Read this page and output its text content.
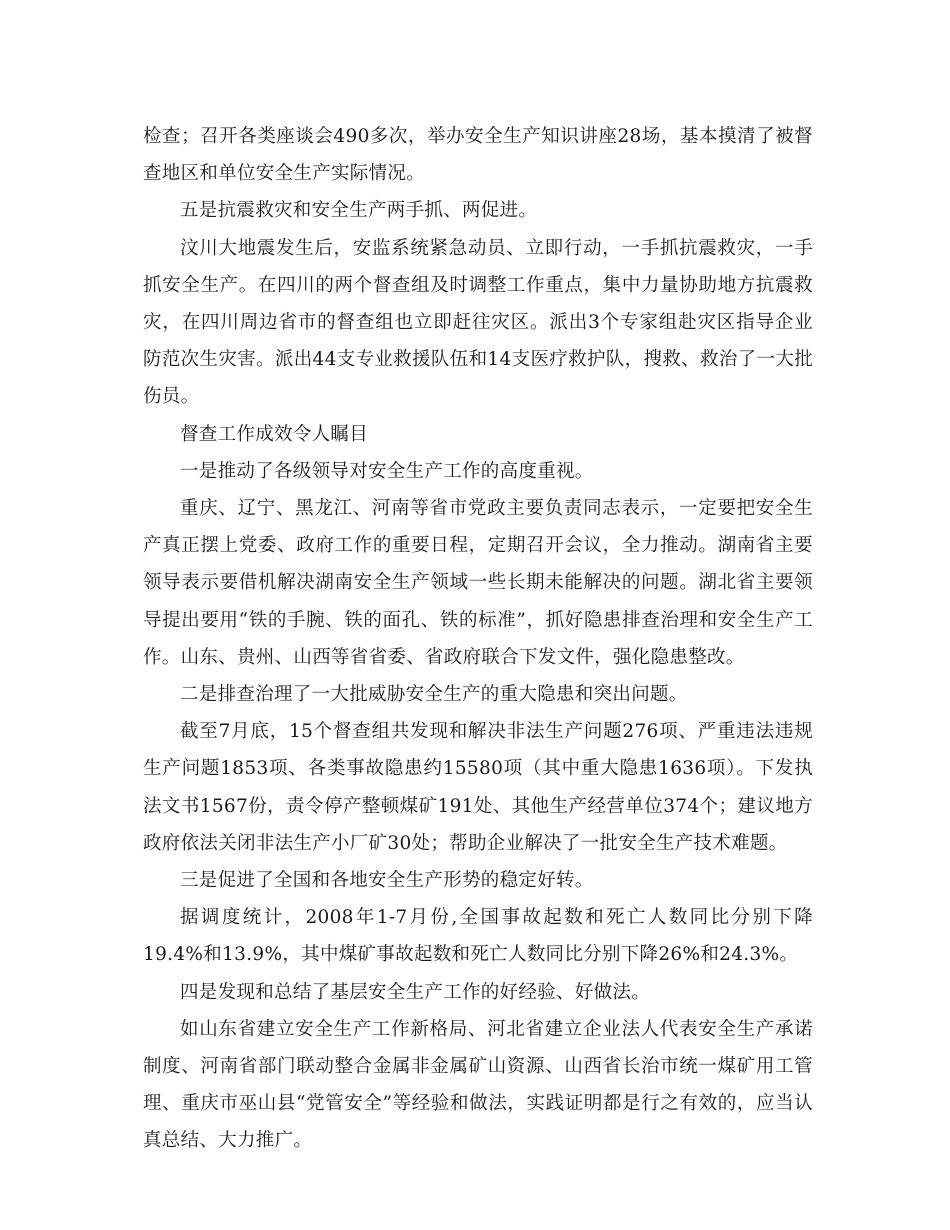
检查；召开各类座谈会490多次，举办安全生产知识讲座28场，基本摸清了被督查地区和单位安全生产实际情况。

五是抗震救灾和安全生产两手抓、两促进。

汶川大地震发生后，安监系统紧急动员、立即行动，一手抓抗震救灾，一手抓安全生产。在四川的两个督查组及时调整工作重点，集中力量协助地方抗震救灾，在四川周边省市的督查组也立即赶往灾区。派出3个专家组赴灾区指导企业防范次生灾害。派出44支专业救援队伍和14支医疗救护队，搜救、救治了一大批伤员。

督查工作成效令人瞩目

一是推动了各级领导对安全生产工作的高度重视。

重庆、辽宁、黑龙江、河南等省市党政主要负责同志表示，一定要把安全生产真正摆上党委、政府工作的重要日程，定期召开会议，全力推动。湖南省主要领导表示要借机解决湖南安全生产领域一些长期未能解决的问题。湖北省主要领导提出要用“铁的手腕、铁的面孔、铁的标准”，抓好隐患排查治理和安全生产工作。山东、贵州、山西等省省委、省政府联合下发文件，强化隐患整改。

二是排查治理了一大批威胁安全生产的重大隐患和突出问题。

截至7月底，15个督查组共发现和解决非法生产问题276项、严重违法违规生产问题1853项、各类事故隐患约15580项（其中重大隐患1636项）。下发执法文书1567份，责令停产整顿煤矿191处、其他生产经营单位374个；建议地方政府依法关闭非法生产小厂矿30处；帮助企业解决了一批安全生产技术难题。

三是促进了全国和各地安全生产形势的稳定好转。

据调度统计，2008年1-7月份,全国事故起数和死亡人数同比分别下降19.4%和13.9%，其中煤矿事故起数和死亡人数同比分别下降26%和24.3%。

四是发现和总结了基层安全生产工作的好经验、好做法。

如山东省建立安全生产工作新格局、河北省建立企业法人代表安全生产承诺制度、河南省部门联动整合金属非金属矿山资源、山西省长治市统一煤矿用工管理、重庆市巫山县“党管安全”等经验和做法，实践证明都是行之有效的，应当认真总结、大力推广。
